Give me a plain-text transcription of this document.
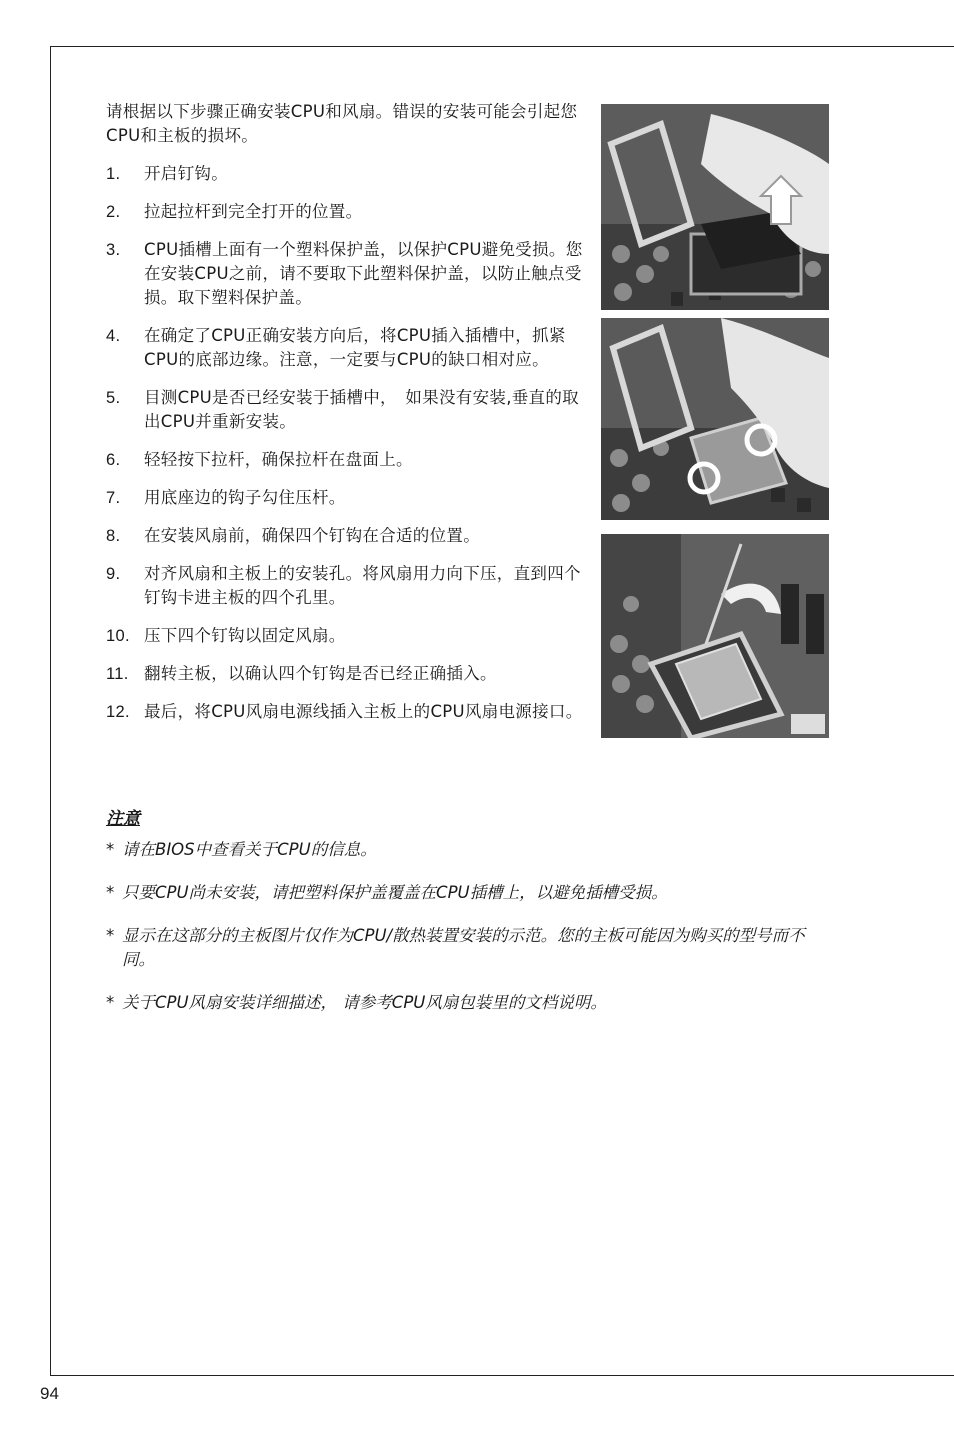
请根据以下步骤正确安装CPU和风扇。错误的安装可能会引起您CPU和主板的损坏。
1. 开启钉钩。
2. 拉起拉杆到完全打开的位置。
3. CPU插槽上面有一个塑料保护盖，以保护CPU避免受损。您在安装CPU之前，请不要取下此塑料保护盖，以防止触点受损。取下塑料保护盖。
4. 在确定了CPU正确安装方向后，将CPU插入插槽中，抓紧CPU的底部边缘。注意，一定要与CPU的缺口相对应。
5. 目测CPU是否已经安装于插槽中，　如果没有安装,垂直的取出CPU并重新安装。
6. 轻轻按下拉杆，确保拉杆在盘面上。
7. 用底座边的钩子勾住压杆。
8. 在安装风扇前，确保四个钉钩在合适的位置。
9. 对齐风扇和主板上的安装孔。将风扇用力向下压，直到四个钉钩卡进主板的四个孔里。
10. 压下四个钉钩以固定风扇。
11. 翻转主板，以确认四个钉钩是否已经正确插入。
12. 最后，将CPU风扇电源线插入主板上的CPU风扇电源接口。
注意
* 请在BIOS中查看关于CPU的信息。
* 只要CPU尚未安装，请把塑料保护盖覆盖在CPU插槽上，以避免插槽受损。
* 显示在这部分的主板图片仅作为CPU/散热装置安装的示范。您的主板可能因为购买的型号而不同。
* 关于CPU风扇安装详细描述， 请参考CPU风扇包装里的文档说明。
94
